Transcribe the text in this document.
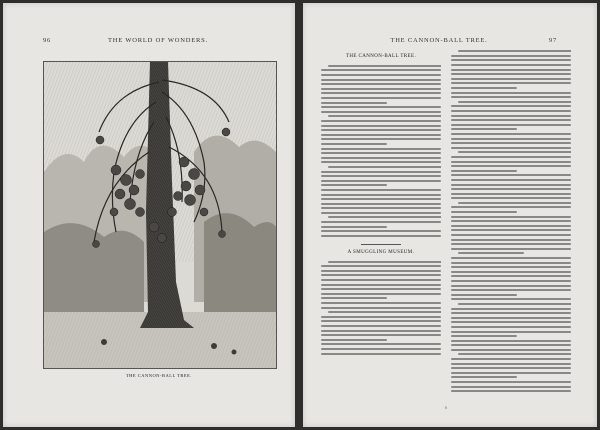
96	THE WORLD OF WONDERS.
THE CANNON-BALL TREE.
THE CANNON-BALL TREE.	97
THE CANNON-BALL TREE.
A SMUGGLING MUSEUM.
6
